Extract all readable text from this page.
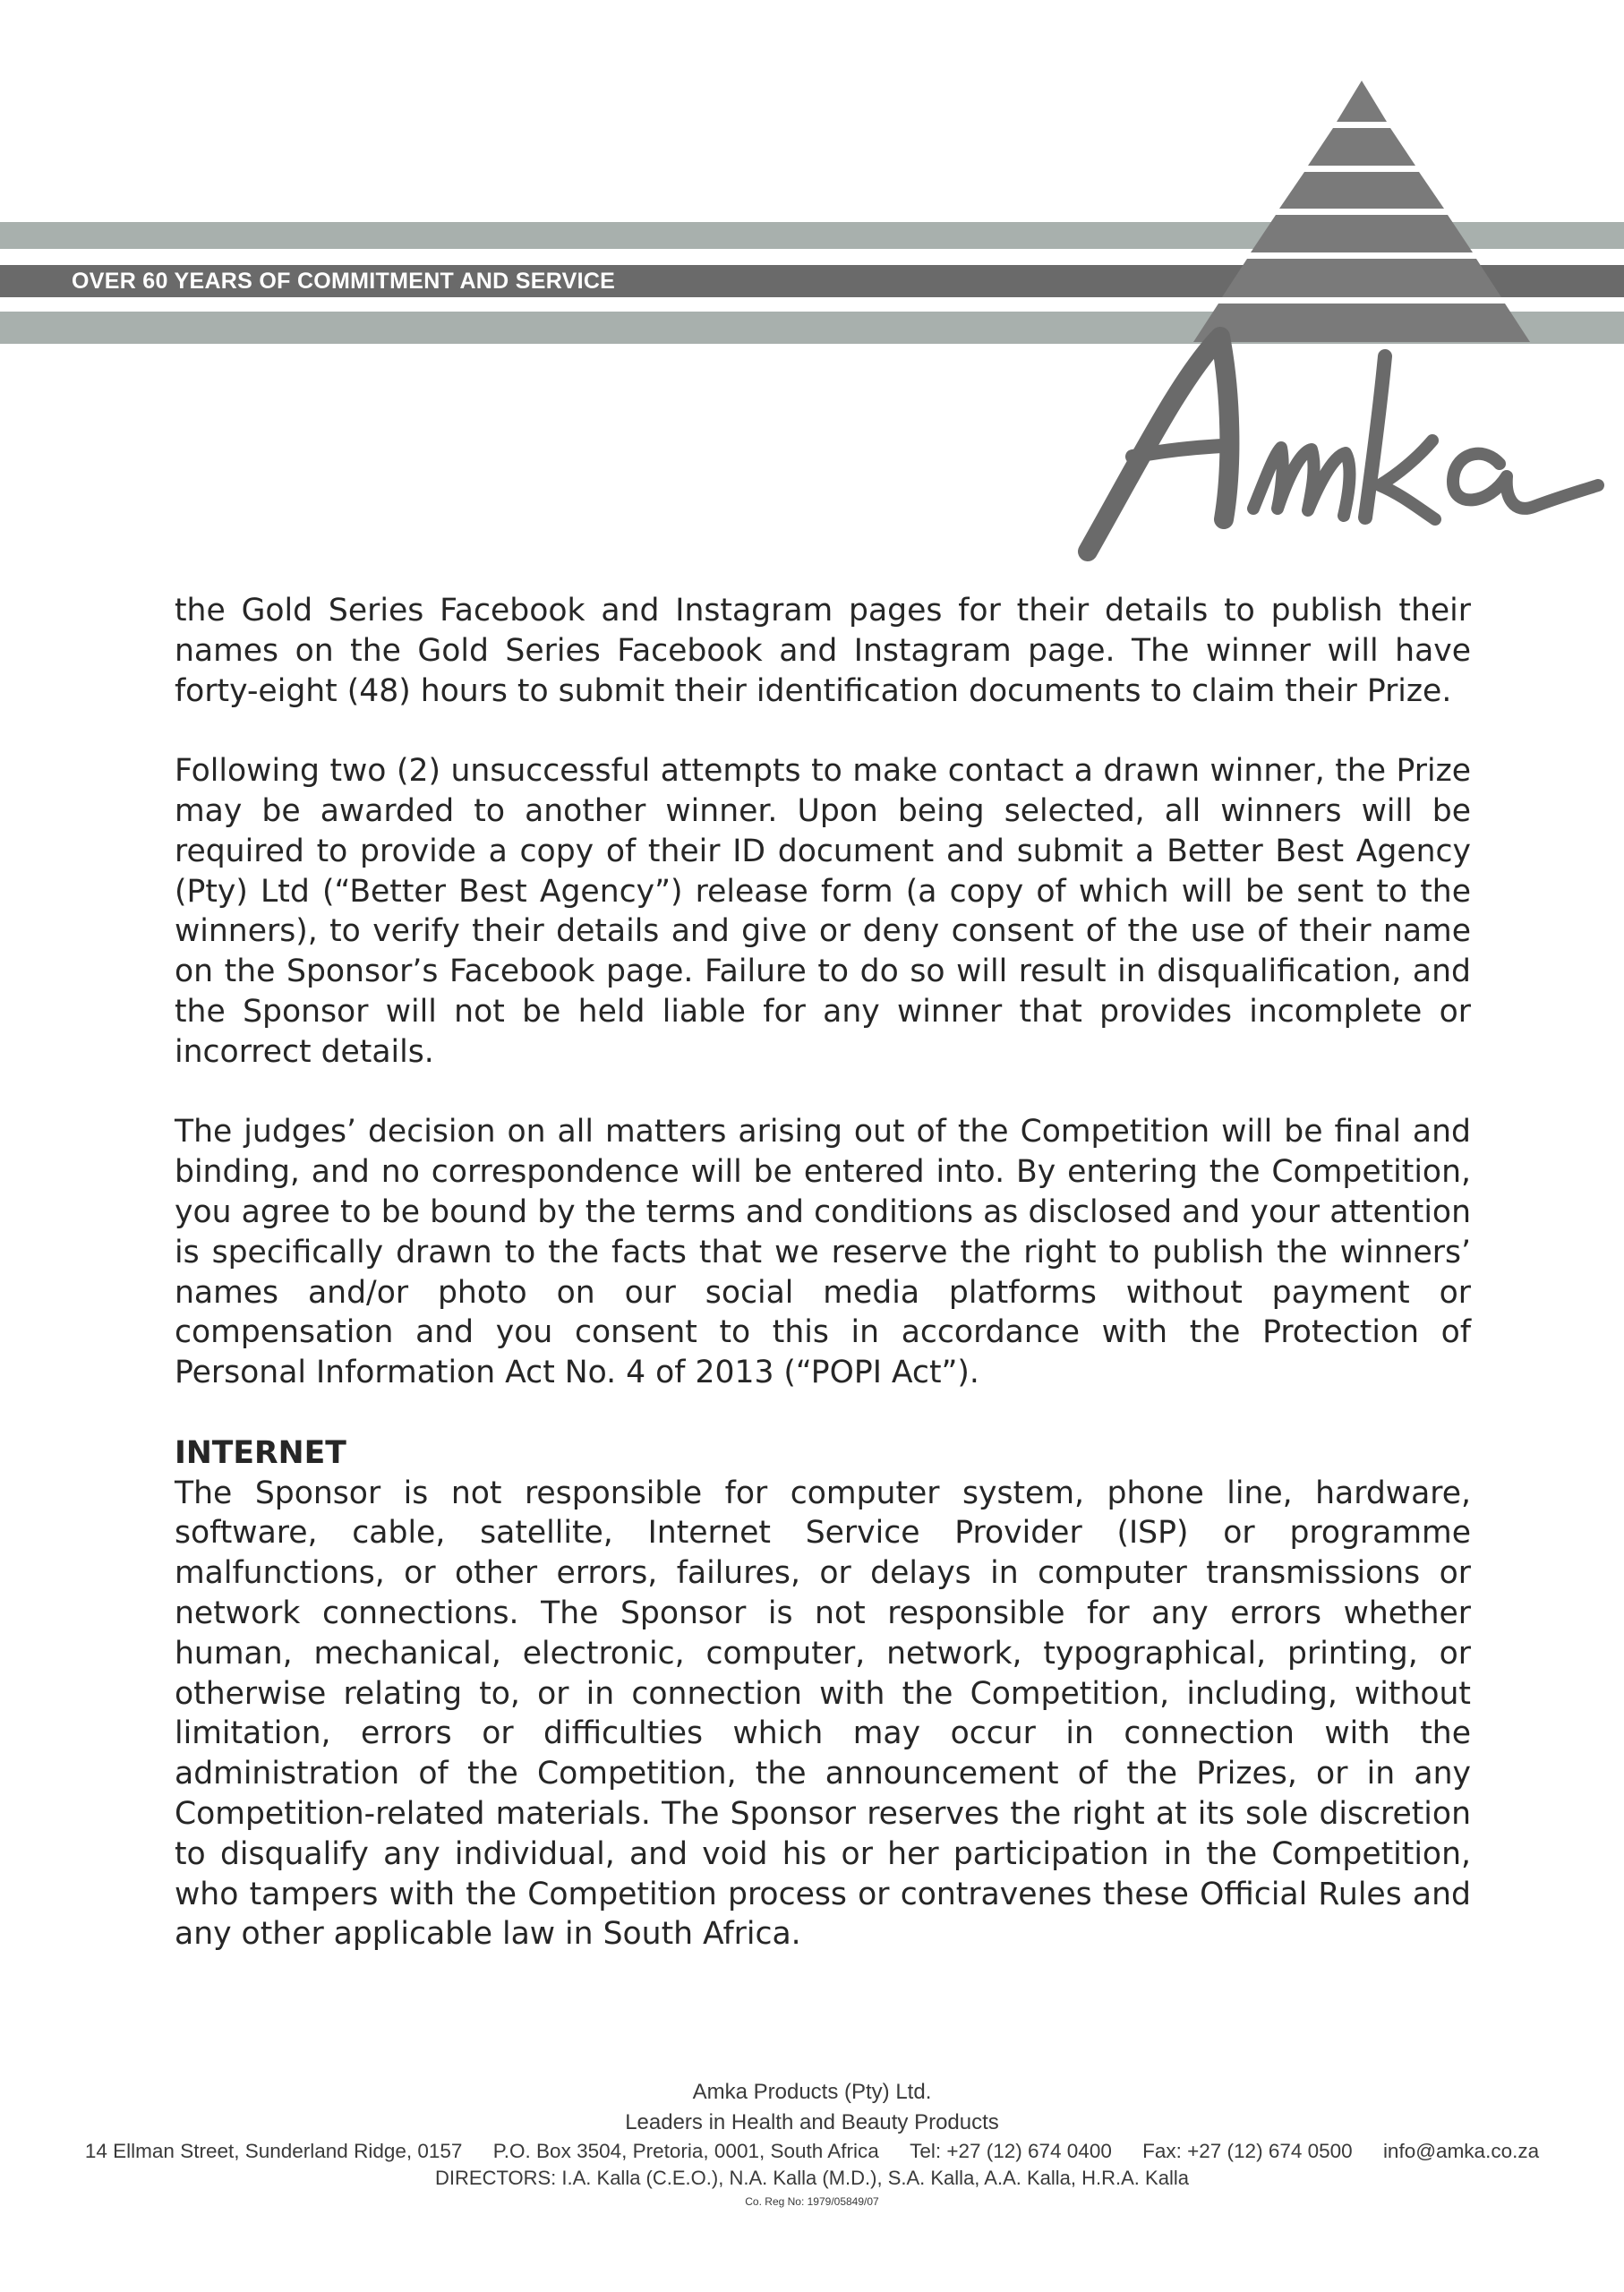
OVER 60 YEARS OF COMMITMENT AND SERVICE

the Gold Series Facebook and Instagram pages for their details to publish their names on the Gold Series Facebook and Instagram page. The winner will have forty-eight (48) hours to submit their identification documents to claim their Prize.

Following two (2) unsuccessful attempts to make contact a drawn winner, the Prize may be awarded to another winner. Upon being selected, all winners will be required to provide a copy of their ID document and submit a Better Best Agency (Pty) Ltd (“Better Best Agency”) release form (a copy of which will be sent to the winners), to verify their details and give or deny consent of the use of their name on the Sponsor’s Facebook page. Failure to do so will result in disqualification, and the Sponsor will not be held liable for any winner that provides incomplete or incorrect details.

The judges’ decision on all matters arising out of the Competition will be final and binding, and no correspondence will be entered into. By entering the Competition, you agree to be bound by the terms and conditions as disclosed and your attention is specifically drawn to the facts that we reserve the right to publish the winners’ names and/or photo on our social media platforms without payment or compensation and you consent to this in accordance with the Protection of Personal Information Act No. 4 of 2013 (“POPI Act”).

INTERNET

The Sponsor is not responsible for computer system, phone line, hardware, software, cable, satellite, Internet Service Provider (ISP) or programme malfunctions, or other errors, failures, or delays in computer transmissions or network connections. The Sponsor is not responsible for any errors whether human, mechanical, electronic, computer, network, typographical, printing, or otherwise relating to, or in connection with the Competition, including, without limitation, errors or difficulties which may occur in connection with the administration of the Competition, the announcement of the Prizes, or in any Competition-related materials. The Sponsor reserves the right at its sole discretion to disqualify any individual, and void his or her participation in the Competition, who tampers with the Competition process or contravenes these Official Rules and any other applicable law in South Africa.

Amka Products (Pty) Ltd.
Leaders in Health and Beauty Products
14 Ellman Street, Sunderland Ridge, 0157 P.O. Box 3504, Pretoria, 0001, South Africa Tel: +27 (12) 674 0400 Fax: +27 (12) 674 0500 info@amka.co.za
DIRECTORS: I.A. Kalla (C.E.O.), N.A. Kalla (M.D.), S.A. Kalla, A.A. Kalla, H.R.A. Kalla
Co. Reg No: 1979/05849/07
